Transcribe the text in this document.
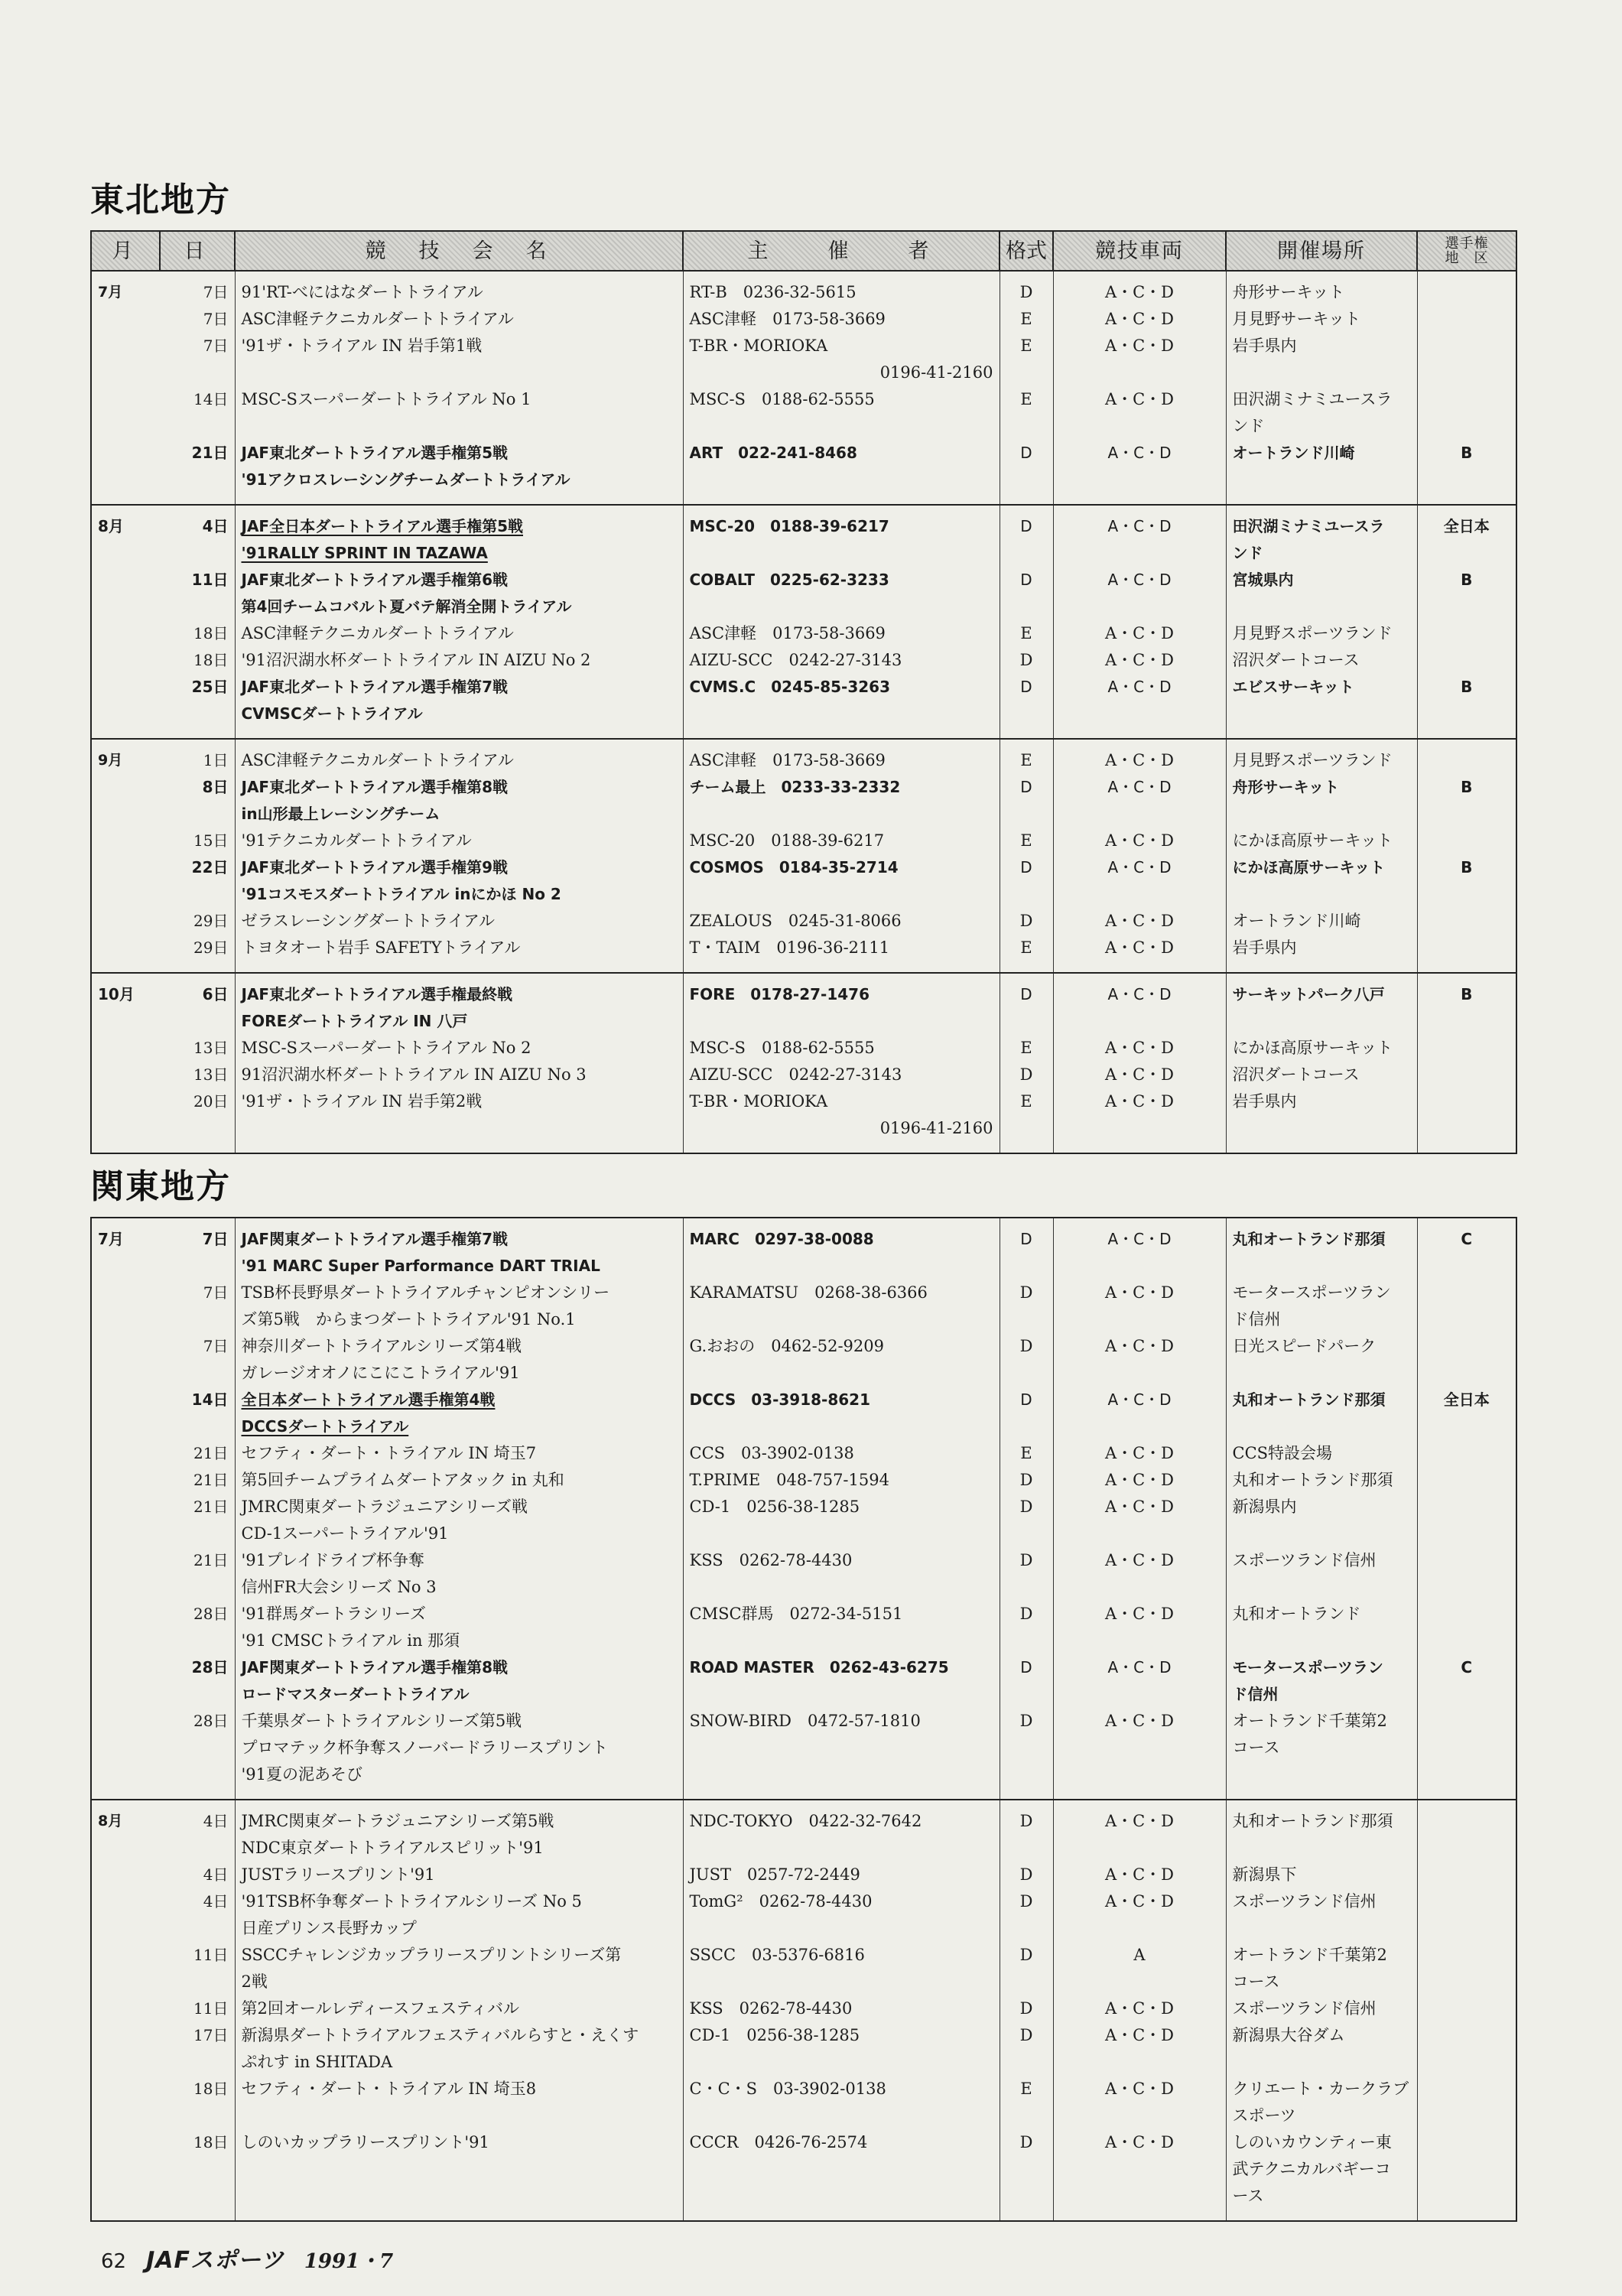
東北地方
月	日	競　技　会　名	主　　催　　者	格式	競技車両	開催場所	選手権
地　区

7月	7日	91'RT-べにはなダートトライアル	RT-B　0236-32-5615	D	A・C・D	舟形サーキット	

	7日	ASC津軽テクニカルダートトライアル	ASC津軽　0173-58-3669	E	A・C・D	月見野サーキット	

	7日	'91ザ・トライアル IN 岩手第1戦	T-BR・MORIOKA
0196-41-2160	E	A・C・D	岩手県内	

	14日	MSC-Sスーパーダートトライアル No 1	MSC-S　0188-62-5555	E	A・C・D	田沢湖ミナミユースラ
ンド	

	21日	JAF東北ダートトライアル選手権第5戦
'91アクロスレーシングチームダートトライアル	ART　022-241-8468	D	A・C・D	オートランド川崎	B
8月	4日	JAF全日本ダートトライアル選手権第5戦
'91RALLY SPRINT IN TAZAWA	MSC-20　0188-39-6217	D	A・C・D	田沢湖ミナミユースラ
ンド	全日本
	11日	JAF東北ダートトライアル選手権第6戦
第4回チームコバルト夏バテ解消全開トライアル	COBALT　0225-62-3233	D	A・C・D	宮城県内	B
	18日	ASC津軽テクニカルダートトライアル	ASC津軽　0173-58-3669	E	A・C・D	月見野スポーツランド	

	18日	'91沼沢湖水杯ダートトライアル IN AIZU No 2	AIZU-SCC　0242-27-3143	D	A・C・D	沼沢ダートコース	

	25日	JAF東北ダートトライアル選手権第7戦
CVMSCダートトライアル	CVMS.C　0245-85-3263	D	A・C・D	エビスサーキット	B
9月	1日	ASC津軽テクニカルダートトライアル	ASC津軽　0173-58-3669	E	A・C・D	月見野スポーツランド	

	8日	JAF東北ダートトライアル選手権第8戦
in山形最上レーシングチーム	チーム最上　0233-33-2332	D	A・C・D	舟形サーキット	B
	15日	'91テクニカルダートトライアル	MSC-20　0188-39-6217	E	A・C・D	にかほ高原サーキット	

	22日	JAF東北ダートトライアル選手権第9戦
'91コスモスダートトライアル inにかほ No 2	COSMOS　0184-35-2714	D	A・C・D	にかほ高原サーキット	B
	29日	ゼラスレーシングダートトライアル	ZEALOUS　0245-31-8066	D	A・C・D	オートランド川崎	

	29日	トヨタオート岩手 SAFETYトライアル	T・TAIM　0196-36-2111	E	A・C・D	岩手県内	

10月	6日	JAF東北ダートトライアル選手権最終戦
FOREダートトライアル IN 八戸	FORE　0178-27-1476	D	A・C・D	サーキットパーク八戸	B
	13日	MSC-Sスーパーダートトライアル No 2	MSC-S　0188-62-5555	E	A・C・D	にかほ高原サーキット	

	13日	91沼沢湖水杯ダートトライアル IN AIZU No 3	AIZU-SCC　0242-27-3143	D	A・C・D	沼沢ダートコース	

	20日	'91ザ・トライアル IN 岩手第2戦	T-BR・MORIOKA
0196-41-2160	E	A・C・D	岩手県内	

関東地方
7月	7日	JAF関東ダートトライアル選手権第7戦
'91 MARC Super Parformance DART TRIAL	MARC　0297-38-0088	D	A・C・D	丸和オートランド那須	C
	7日	TSB杯長野県ダートトライアルチャンピオンシリー
ズ第5戦　からまつダートトライアル'91 No.1	KARAMATSU　0268-38-6366	D	A・C・D	モータースポーツラン
ド信州	

	7日	神奈川ダートトライアルシリーズ第4戦
ガレージオオノにこにこトライアル'91	G.おおの　0462-52-9209	D	A・C・D	日光スピードパーク	

	14日	全日本ダートトライアル選手権第4戦
DCCSダートトライアル	DCCS　03-3918-8621	D	A・C・D	丸和オートランド那須	全日本
	21日	セフティ・ダート・トライアル IN 埼玉7	CCS　03-3902-0138	E	A・C・D	CCS特設会場	

	21日	第5回チームプライムダートアタック in 丸和	T.PRIME　048-757-1594	D	A・C・D	丸和オートランド那須	

	21日	JMRC関東ダートラジュニアシリーズ戦
CD-1スーパートライアル'91	CD-1　0256-38-1285	D	A・C・D	新潟県内	

	21日	'91プレイドライブ杯争奪
信州FR大会シリーズ No 3	KSS　0262-78-4430	D	A・C・D	スポーツランド信州	

	28日	'91群馬ダートラシリーズ
'91 CMSCトライアル in 那須	CMSC群馬　0272-34-5151	D	A・C・D	丸和オートランド	

	28日	JAF関東ダートトライアル選手権第8戦
ロードマスターダートトライアル	ROAD MASTER　0262-43-6275	D	A・C・D	モータースポーツラン
ド信州	C
	28日	千葉県ダートトライアルシリーズ第5戦
プロマテック杯争奪スノーバードラリースプリント
'91夏の泥あそび	SNOW-BIRD　0472-57-1810	D	A・C・D	オートランド千葉第2
コース	

8月	4日	JMRC関東ダートラジュニアシリーズ第5戦
NDC東京ダートトライアルスピリット'91	NDC-TOKYO　0422-32-7642	D	A・C・D	丸和オートランド那須	

	4日	JUSTラリースプリント'91	JUST　0257-72-2449	D	A・C・D	新潟県下	

	4日	'91TSB杯争奪ダートトライアルシリーズ No 5
日産プリンス長野カップ	TomG²　0262-78-4430	D	A・C・D	スポーツランド信州	

	11日	SSCCチャレンジカップラリースプリントシリーズ第
2戦	SSCC　03-5376-6816	D	A	オートランド千葉第2
コース	

	11日	第2回オールレディースフェスティバル	KSS　0262-78-4430	D	A・C・D	スポーツランド信州	

	17日	新潟県ダートトライアルフェスティバルらすと・えくす
ぷれす in SHITADA	CD-1　0256-38-1285	D	A・C・D	新潟県大谷ダム	

	18日	セフティ・ダート・トライアル IN 埼玉8	C・C・S　03-3902-0138	E	A・C・D	クリエート・カークラブ
スポーツ	

	18日	しのいカップラリースプリント'91	CCCR　0426-76-2574	D	A・C・D	しのいカウンティー東
武テクニカルバギーコ
ース	

62 JAFスポーツ 1991・7
